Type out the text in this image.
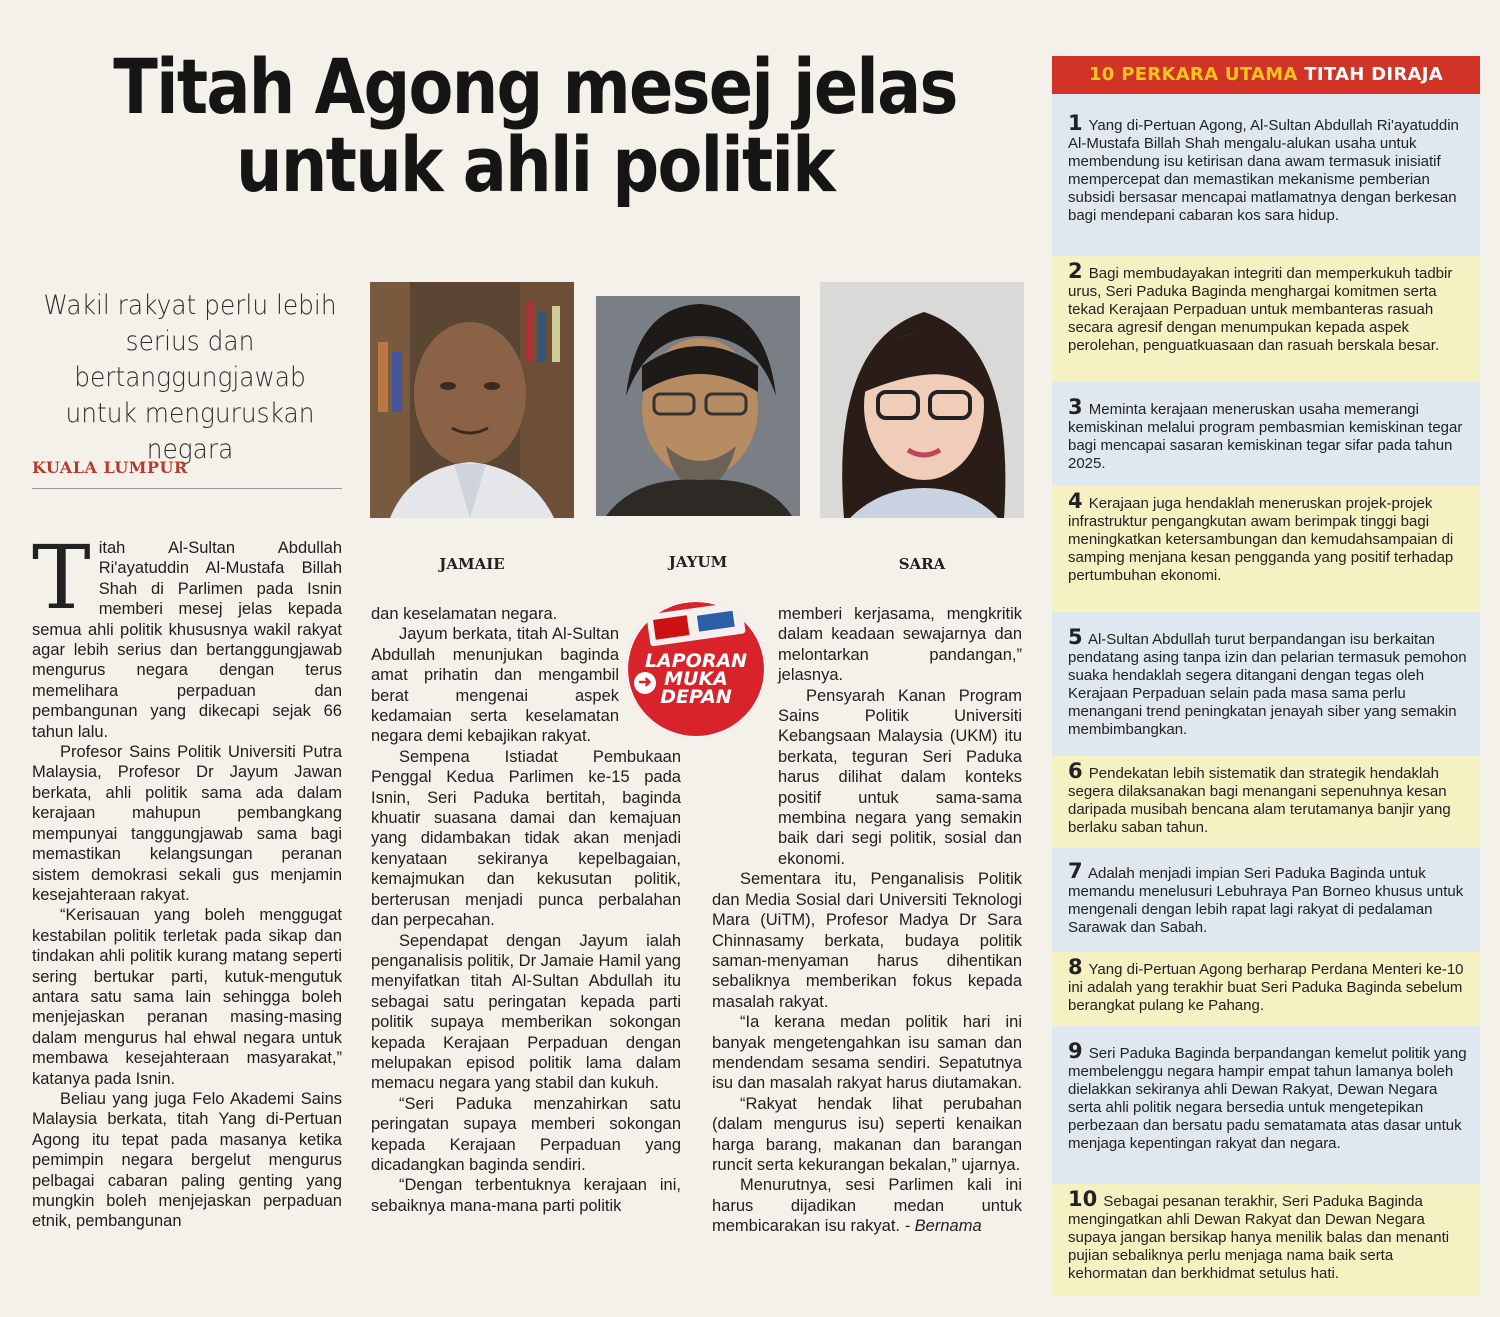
Titah Agong mesej jelas
untuk ahli politik
Wakil rakyat perlu lebih serius dan bertanggungjawab untuk menguruskan negara
KUALA LUMPUR
JAMAIE	JAYUM	SARA
T itah Al-Sultan Abdullah Ri'ayatuddin Al-Mustafa Billah Shah di Parlimen pada Isnin memberi mesej jelas kepada semua ahli politik khususnya wakil rakyat agar lebih serius dan bertanggungjawab mengurus negara dengan terus memelihara perpaduan dan pembangunan yang dikecapi sejak 66 tahun lalu.

Profesor Sains Politik Universiti Putra Malaysia, Profesor Dr Jayum Jawan berkata, ahli politik sama ada dalam kerajaan mahupun pembangkang mempunyai tanggungjawab sama bagi memastikan kelangsungan peranan sistem demokrasi sekali gus menjamin kesejahteraan rakyat.

“Kerisauan yang boleh menggugat kestabilan politik terletak pada sikap dan tindakan ahli politik kurang matang seperti sering bertukar parti, kutuk-mengutuk antara satu sama lain sehingga boleh menjejaskan peranan masing-masing dalam mengurus hal ehwal negara untuk membawa kesejahteraan masyarakat,” katanya pada Isnin.

Beliau yang juga Felo Akademi Sains Malaysia berkata, titah Yang di-Pertuan Agong itu tepat pada masanya ketika pemimpin negara bergelut mengurus pelbagai cabaran paling genting yang mungkin boleh menjejaskan perpaduan etnik, pembangunan

dan keselamatan negara.

Jayum berkata, titah Al-Sultan Abdullah menunjukan baginda amat prihatin dan mengambil berat mengenai aspek kedamaian serta keselamatan negara demi kebajikan rakyat.

Sempena Istiadat Pembukaan Penggal Kedua Parlimen ke-15 pada Isnin, Seri Paduka bertitah, baginda khuatir suasana damai dan kemajuan yang didambakan tidak akan menjadi kenyataan sekiranya kepelbagaian, kemajmukan dan kekusutan politik, berterusan menjadi punca perbalahan dan perpecahan.

Sependapat dengan Jayum ialah penganalisis politik, Dr Jamaie Hamil yang menyifatkan titah Al-Sultan Abdullah itu sebagai satu peringatan kepada parti politik supaya memberikan sokongan kepada Kerajaan Perpaduan dengan melupakan episod politik lama dalam memacu negara yang stabil dan kukuh.

“Seri Paduka menzahirkan satu peringatan supaya memberi sokongan kepada Kerajaan Perpaduan yang dicadangkan baginda sendiri.

“Dengan terbentuknya kerajaan ini, sebaiknya mana-mana parti politik

memberi kerjasama, mengkritik dalam keadaan sewajarnya dan melontarkan pandangan,” jelasnya.

Pensyarah Kanan Program Sains Politik Universiti Kebangsaan Malaysia (UKM) itu berkata, teguran Seri Paduka harus dilihat dalam konteks positif untuk sama-sama membina negara yang semakin baik dari segi politik, sosial dan ekonomi.

Sementara itu, Penganalisis Politik dan Media Sosial dari Universiti Teknologi Mara (UiTM), Profesor Madya Dr Sara Chinnasamy berkata, budaya politik saman-menyaman harus dihentikan sebaliknya memberikan fokus kepada masalah rakyat.

“Ia kerana medan politik hari ini banyak mengetengahkan isu saman dan mendendam sesama sendiri. Sepatutnya isu dan masalah rakyat harus diutamakan.

“Rakyat hendak lihat perubahan (dalam mengurus isu) seperti kenaikan harga barang, makanan dan barangan runcit serta kekurangan bekalan,” ujarnya.

Menurutnya, sesi Parlimen kali ini harus dijadikan medan untuk membicarakan isu rakyat. - Bernama

➜
LAPORAN
MUKA
DEPAN
10 PERKARA UTAMA TITAH DIRAJA
1 Yang di-Pertuan Agong, Al-Sultan Abdullah Ri'ayatuddin Al-Mustafa Billah Shah mengalu-alukan usaha untuk membendung isu ketirisan dana awam termasuk inisiatif mempercepat dan memastikan mekanisme pemberian subsidi bersasar mencapai matlamatnya dengan berkesan bagi mendepani cabaran kos sara hidup.
2 Bagi membudayakan integriti dan memperkukuh tadbir urus, Seri Paduka Baginda menghargai komitmen serta tekad Kerajaan Perpaduan untuk membanteras rasuah secara agresif dengan menumpukan kepada aspek perolehan, penguatkuasaan dan rasuah berskala besar.
3 Meminta kerajaan meneruskan usaha memerangi kemiskinan melalui program pembasmian kemiskinan tegar bagi mencapai sasaran kemiskinan tegar sifar pada tahun 2025.
4 Kerajaan juga hendaklah meneruskan projek-projek infrastruktur pengangkutan awam berimpak tinggi bagi meningkatkan ketersambungan dan kemudahsampaian di samping menjana kesan pengganda yang positif terhadap pertumbuhan ekonomi.
5 Al-Sultan Abdullah turut berpandangan isu berkaitan pendatang asing tanpa izin dan pelarian termasuk pemohon suaka hendaklah segera ditangani dengan tegas oleh Kerajaan Perpaduan selain pada masa sama perlu menangani trend peningkatan jenayah siber yang semakin membimbangkan.
6 Pendekatan lebih sistematik dan strategik hendaklah segera dilaksanakan bagi menangani sepenuhnya kesan daripada musibah bencana alam terutamanya banjir yang berlaku saban tahun.
7 Adalah menjadi impian Seri Paduka Baginda untuk memandu menelusuri Lebuhraya Pan Borneo khusus untuk mengenali dengan lebih rapat lagi rakyat di pedalaman Sarawak dan Sabah.
8 Yang di-Pertuan Agong berharap Perdana Menteri ke-10 ini adalah yang terakhir buat Seri Paduka Baginda sebelum berangkat pulang ke Pahang.
9 Seri Paduka Baginda berpandangan kemelut politik yang membelenggu negara hampir empat tahun lamanya boleh dielakkan sekiranya ahli Dewan Rakyat, Dewan Negara serta ahli politik negara bersedia untuk mengetepikan perbezaan dan bersatu padu sematamata atas dasar untuk menjaga kepentingan rakyat dan negara.
10 Sebagai pesanan terakhir, Seri Paduka Baginda mengingatkan ahli Dewan Rakyat dan Dewan Negara supaya jangan bersikap hanya menilik balas dan menanti pujian sebaliknya perlu menjaga nama baik serta kehormatan dan berkhidmat setulus hati.
